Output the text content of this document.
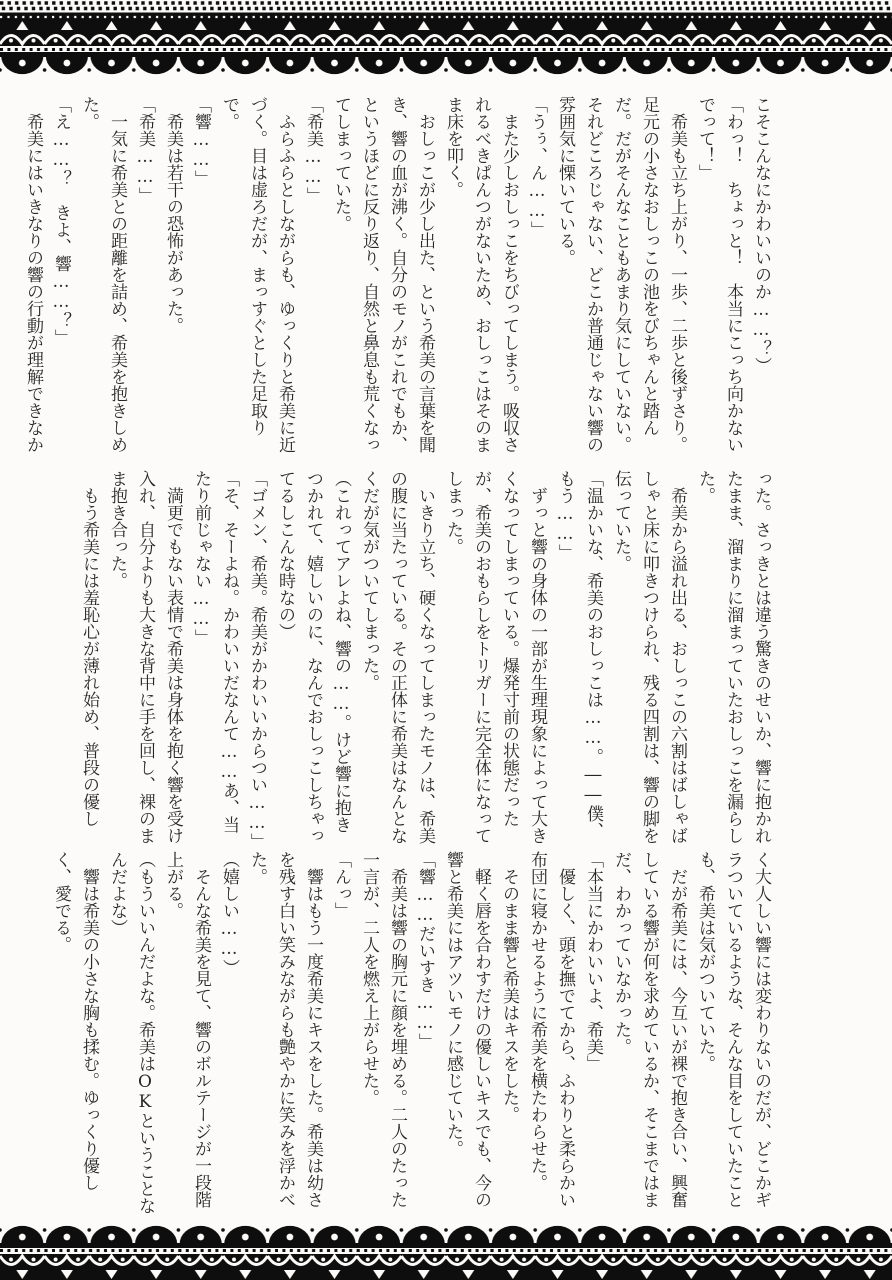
こそこんなにかわいいのか……？）

「わっ！　ちょっと！　本当にこっち向かないでって！」

希美も立ち上がり、一歩、二歩と後ずさり。足元の小さなおしっこの池をびちゃんと踏んだ。だがそんなこともあまり気にしていない。それどころじゃない、どこか普通じゃない響の雰囲気に慄いている。

「うぅ、ん……」

また少しおしっこをちびってしまう。吸収されるべきぱんつがないため、おしっこはそのまま床を叩く。

おしっこが少し出た、という希美の言葉を聞き、響の血が沸く。自分のモノがこれでもか、というほどに反り返り、自然と鼻息も荒くなってしまっていた。

「希美……」

ふらふらとしながらも、ゆっくりと希美に近づく。目は虚ろだが、まっすぐとした足取りで。

「響……」

希美は若干の恐怖があった。

「希美……」

一気に希美との距離を詰め、希美を抱きしめた。

「え……？　きよ、響……？」

希美にはいきなりの響の行動が理解できなか

った。さっきとは違う驚きのせいか、響に抱かれたまま、溜まりに溜まっていたおしっこを漏らした。

希美から溢れ出る、おしっこの六割はばしゃばしゃと床に叩きつけられ、残る四割は、響の脚を伝っていた。

「温かいな、希美のおしっこは……。――僕、もう……」

ずっと響の身体の一部が生理現象によって大きくなってしまっている。爆発寸前の状態だったが、希美のおもらしをトリガーに完全体になってしまった。

いきり立ち、硬くなってしまったモノは、希美の腹に当たっている。その正体に希美はなんとなくだが気がついてしまった。

（これってアレよね、響の……。けど響に抱きつかれて、嬉しいのに、なんでおしっこしちゃってるしこんな時なの）

「ゴメン、希美。希美がかわいいからつい……」

「そ、そーよね。かわいいだなんて……あ、当たり前じゃない……」

満更でもない表情で希美は身体を抱く響を受け入れ、自分よりも大きな背中に手を回し、裸のまま抱き合った。

もう希美には羞恥心が薄れ始め、普段の優し

く大人しい響には変わりないのだが、どこかギラついているような、そんな目をしていたことも、希美は気がついていた。

だが希美には、今互いが裸で抱き合い、興奮している響が何を求めているか、そこまではまだ、わかっていなかった。

「本当にかわいいよ、希美」

優しく、頭を撫でてから、ふわりと柔らかい布団に寝かせるように希美を横たわらせた。

そのまま響と希美はキスをした。

軽く唇を合わすだけの優しいキスでも、今の響と希美にはアツいモノに感じていた。

「響……だいすき……」

希美は響の胸元に顔を埋める。二人のたった一言が、二人を燃え上がらせた。

「んっ」

響はもう一度希美にキスをした。希美は幼さを残す白い笑みながらも艶やかに笑みを浮かべた。

（嬉しい……）

そんな希美を見て、響のボルテージが一段階上がる。

（もういいんだよな。希美はOKということなんだよな）

響は希美の小さな胸も揉む。ゆっくり優しく、愛でる。
